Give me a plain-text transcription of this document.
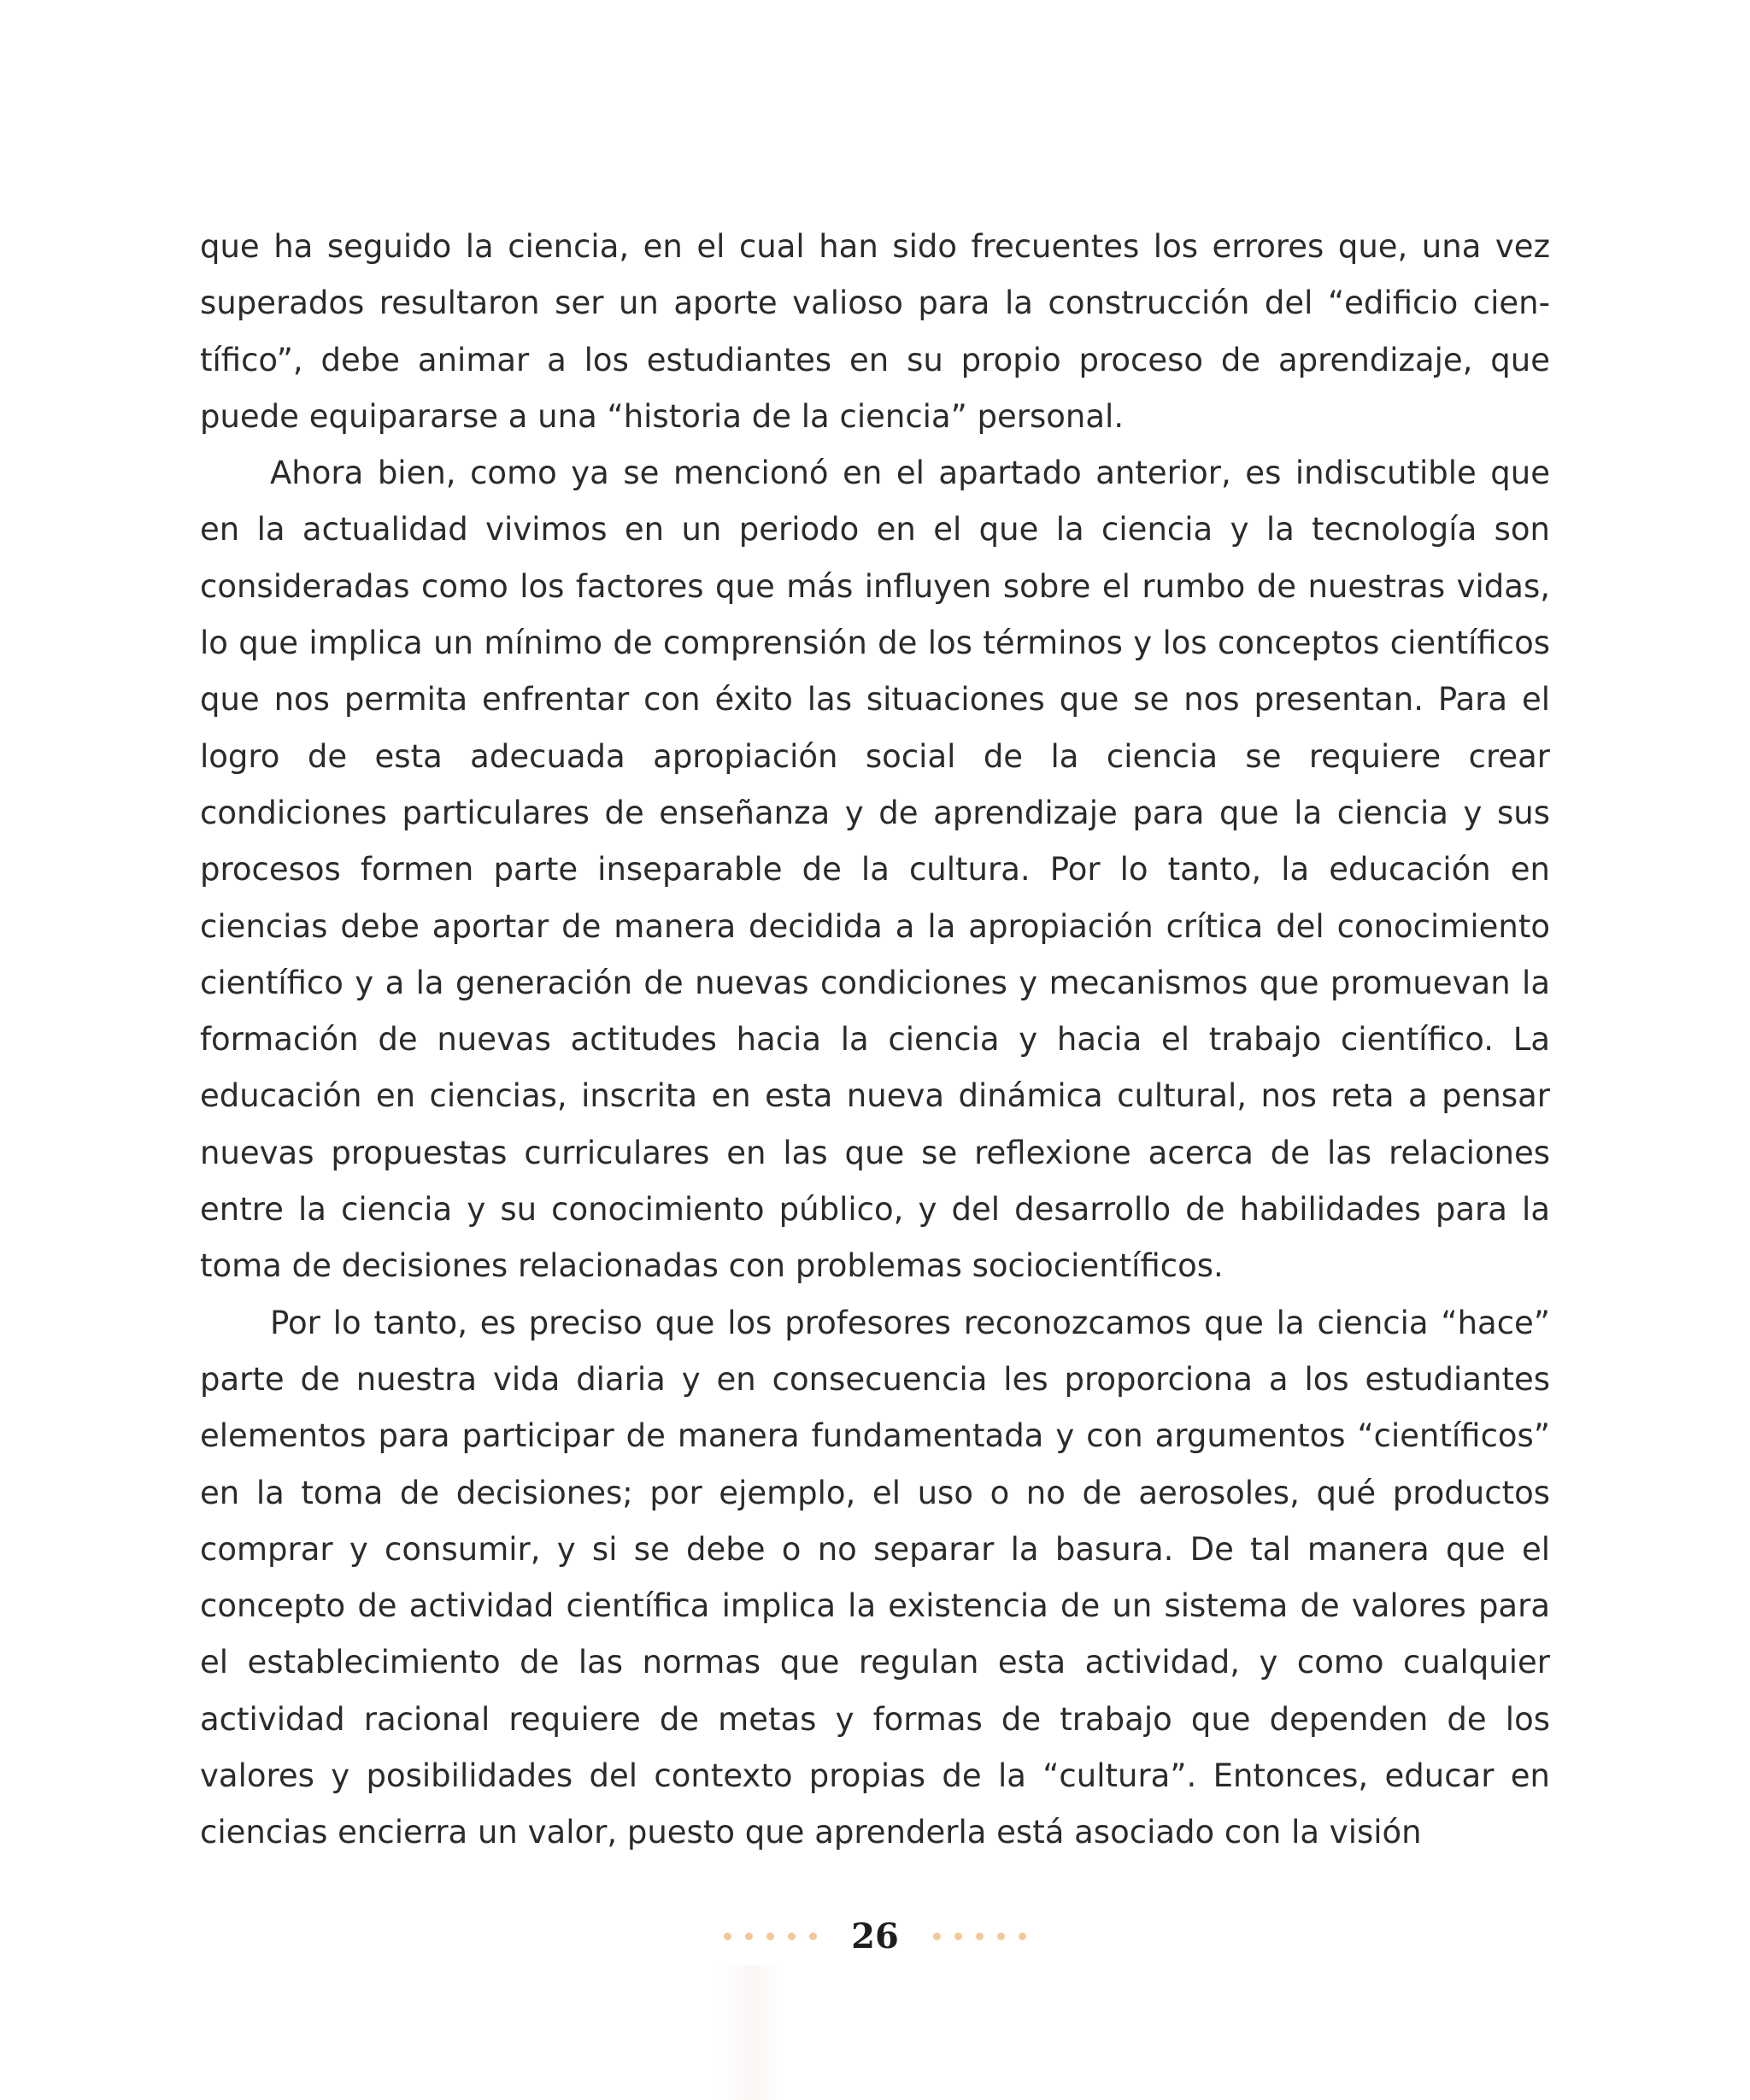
que ha seguido la ciencia, en el cual han sido frecuentes los errores que, una vez superados resultaron ser un aporte valioso para la construcción del “edificio científico”, debe animar a los estudiantes en su propio proceso de aprendizaje, que puede equipararse a una “historia de la ciencia” personal.

Ahora bien, como ya se mencionó en el apartado anterior, es indiscutible que en la actualidad vivimos en un periodo en el que la ciencia y la tecnología son consideradas como los factores que más influyen sobre el rumbo de nuestras vidas, lo que implica un mínimo de comprensión de los términos y los conceptos científicos que nos permita enfrentar con éxito las situaciones que se nos presentan. Para el logro de esta adecuada apropiación social de la ciencia se requiere crear condiciones particulares de enseñanza y de aprendizaje para que la ciencia y sus procesos formen parte inseparable de la cultura. Por lo tanto, la educación en ciencias debe aportar de manera decidida a la apropiación crítica del conocimiento científico y a la generación de nuevas condiciones y mecanismos que promuevan la formación de nuevas actitudes hacia la ciencia y hacia el trabajo científico. La educación en ciencias, inscrita en esta nueva dinámica cultural, nos reta a pensar nuevas propuestas curriculares en las que se reflexione acerca de las relaciones entre la ciencia y su conocimiento público, y del desarrollo de habilidades para la toma de decisiones relacionadas con problemas sociocientíficos.

Por lo tanto, es preciso que los profesores reconozcamos que la ciencia “hace” parte de nuestra vida diaria y en consecuencia les proporciona a los estudiantes elementos para participar de manera fundamentada y con argumentos “científicos” en la toma de decisiones; por ejemplo, el uso o no de aerosoles, qué productos comprar y consumir, y si se debe o no separar la basura. De tal manera que el concepto de actividad científica implica la existencia de un sistema de valores para el establecimiento de las normas que regulan esta actividad, y como cualquier actividad racional requiere de metas y formas de trabajo que dependen de los valores y posibilidades del contexto propias de la “cultura”. Entonces, educar en ciencias encierra un valor, puesto que aprenderla está asociado con la visión

26
